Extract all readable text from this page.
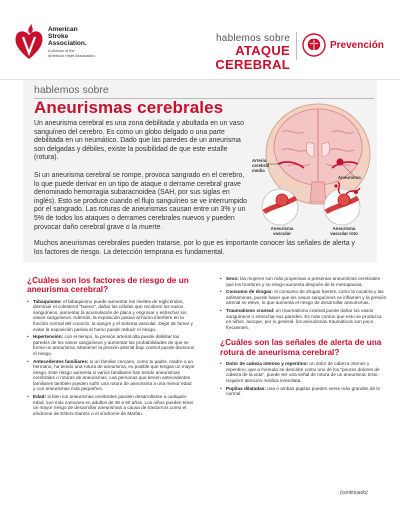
American
Stroke
Association.
A division of the
American Heart Association.
hablemos sobre
ATAQUE CEREBRAL
Prevención
hablemos sobre
Aneurismas cerebrales
Un aneurisma cerebral es una zona debilitada y abultada en un vaso sanguíneo del cerebro. Es como un globo delgado o una parte debilitada en un neumático. Dado que las paredes de un aneurisma son delgadas y débiles, existe la posibilidad de que este estalle (rotura).
Si un aneurisma cerebral se rompe, provoca sangrado en el cerebro, lo que puede derivar en un tipo de ataque o derrame cerebral grave denominado hemorragia subaracnoidea (SAH, por sus siglas en inglés). Esto se produce cuando el flujo sanguíneo se ve interrumpido por el sangrado. Las roturas de aneurismas causan entre un 3% y un 5% de todos los ataques o derrames cerebrales nuevos y pueden provocar daño cerebral grave o la muerte.
Muchos aneurismas cerebrales pueden tratarse, por lo que es importante conocer las señales de alerta y los factores de riesgo. La detección temprana es fundamental.
Arteria
cerebral
media
Aneurisma
Aneurisma
vascular
Aneurisma
vascular roto
¿Cuáles son los factores de riesgo de un aneurisma cerebral?
• Tabaquismo: el tabaquismo puede aumentar los niveles de triglicéridos, disminuir el colesterol "bueno", dañar las células que recubren los vasos sanguíneos, aumentar la acumulación de placa y engrosar y estrechar los vasos sanguíneos. Además, la exposición pasiva al humo interfiere en la función normal del corazón, la sangre y el sistema vascular. Dejar de fumar y evitar la exposición pasiva al humo puede reducir el riesgo.
• Hipertensión: con el tiempo, la presión arterial alta puede debilitar las paredes de los vasos sanguíneos y aumentar las probabilidades de que se forme un aneurisma. Mantener la presión arterial bajo control puede disminuir el riesgo.
• Antecedentes familiares: si un familiar cercano, como tu padre, madre o un hermano, ha tenido una rotura de aneurisma, es posible que tengas un mayor riesgo. Este riesgo aumenta si varios familiares han tenido aneurismas cerebrales o roturas de aneurismas. Las personas que tienen antecedentes familiares también pueden sufrir una rotura de aneurisma a una menor edad y con aneurismas más pequeños.
• Edad: si bien los aneurismas cerebrales pueden desarrollarse a cualquier edad, son más comunes en adultos de 30 a 60 años. Los niños pueden tener un mayor riesgo de desarrollar aneurismas a causa de trastornos como el síndrome de Ehlers-Danlos o el síndrome de Marfan.
• Sexo: las mujeres son más propensas a presentar aneurismas cerebrales que los hombres y su riesgo aumenta después de la menopausia.
• Consumo de drogas: el consumo de drogas fuertes, como la cocaína y las anfetaminas, puede hacer que los vasos sanguíneos se inflamen y la presión arterial se eleve, lo que aumenta el riesgo de desarrollar aneurismas.
• Traumatismo craneal: un traumatismo craneal puede dañar los vasos sanguíneos o estrechar sus paredes. Es más común que esto se produzca en niños, aunque, por lo general, los aneurismas traumáticos son poco frecuentes.
¿Cuáles son las señales de alerta de una rotura de aneurisma cerebral?
• Dolor de cabeza intenso y repentino: un dolor de cabeza intenso y repentino, que a menudo se describe como uno de los "peores dolores de cabeza de la vida", puede ser una señal de rotura de un aneurisma. Esto requiere atención médica inmediata.
• Pupilas dilatadas: una o ambas pupilas pueden verse más grandes de lo normal.
(continuado)
